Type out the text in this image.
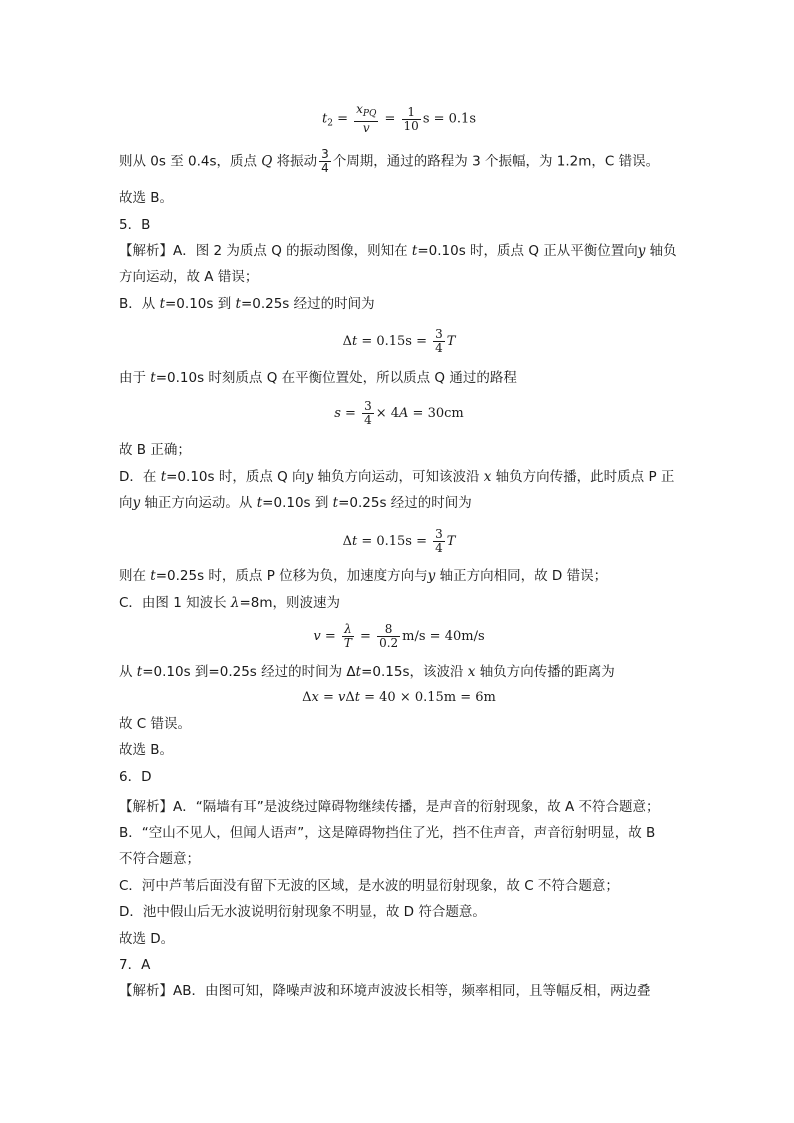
$t_2 = \frac{x_{PQ}}{v} = \frac{1}{10}$ s = 0.1s
则从 0s 至 0.4s，质点 Q 将振动 $\frac{3}{4}$ 个周期，通过的路程为 3 个振幅，为 1.2m，C 错误。
故选 B。
5．B
【解析】A．图 2 为质点 Q 的振动图像，则知在 t=0.10s 时，质点 Q 正从平衡位置向y 轴负
方向运动，故 A 错误；
B．从 t=0.10s 到 t=0.25s 经过的时间为
$\Delta t = 0.15s = \frac{3}{4}$ T
由于 t=0.10s 时刻质点 Q 在平衡位置处，所以质点 Q 通过的路程
$s = \frac{3}{4} \times 4A = 30cm$
故 B 正确；
D．在 t=0.10s 时，质点 Q 向y 轴负方向运动，可知该波沿 x 轴负方向传播，此时质点 P 正
向y 轴正方向运动。从 t=0.10s 到 t=0.25s 经过的时间为
$\Delta t = 0.15s = \frac{3}{4}$ T
则在 t=0.25s 时，质点 P 位移为负，加速度方向与y 轴正方向相同，故 D 错误；
C．由图 1 知波长 λ=8m，则波速为
$v = \frac{\lambda}{T} = \frac{8}{0.2} m/s = 40m/s$
从 t=0.10s 到=0.25s 经过的时间为 Δt=0.15s，该波沿 x 轴负方向传播的距离为
Δx = vΔt = 40 × 0.15m = 6m
故 C 错误。
故选 B。
6．D
【解析】A．“隔墙有耳”是波绕过障碍物继续传播，是声音的衍射现象，故 A 不符合题意；
B．“空山不见人，但闻人语声”，这是障碍物挡住了光，挡不住声音，声音衍射明显，故 B
不符合题意；
C．河中芦苇后面没有留下无波的区域，是水波的明显衍射现象，故 C 不符合题意；
D．池中假山后无水波说明衍射现象不明显，故 D 符合题意。
故选 D。
7．A
【解析】AB．由图可知，降噪声波和环境声波波长相等，频率相同，且等幅反相，两边叠
